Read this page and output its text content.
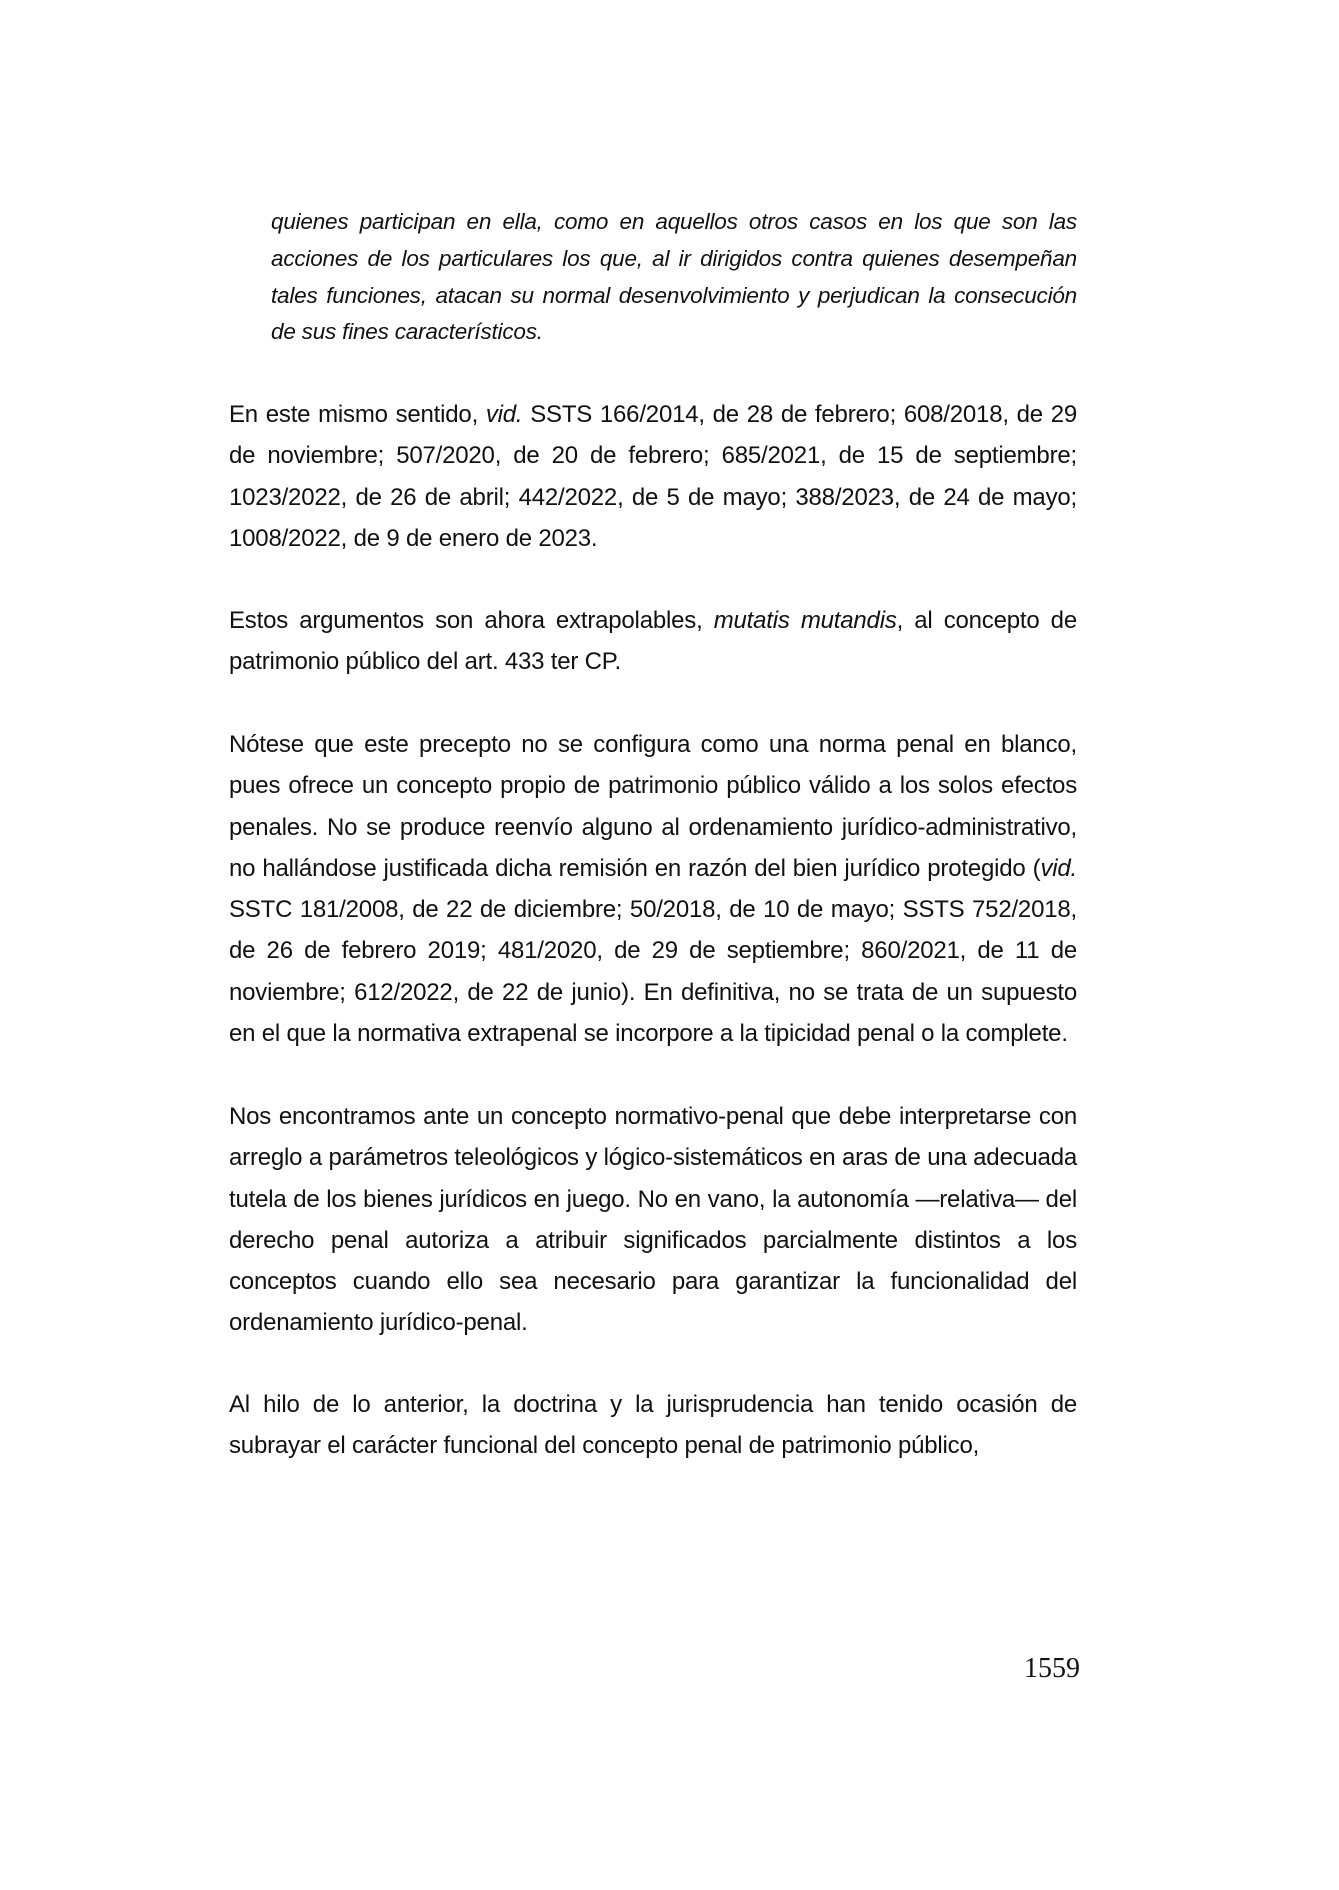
quienes participan en ella, como en aquellos otros casos en los que son las acciones de los particulares los que, al ir dirigidos contra quienes desempeñan tales funciones, atacan su normal desenvolvimiento y perjudican la consecución de sus fines característicos.
En este mismo sentido, vid. SSTS 166/2014, de 28 de febrero; 608/2018, de 29 de noviembre; 507/2020, de 20 de febrero; 685/2021, de 15 de septiembre; 1023/2022, de 26 de abril; 442/2022, de 5 de mayo; 388/2023, de 24 de mayo; 1008/2022, de 9 de enero de 2023.
Estos argumentos son ahora extrapolables, mutatis mutandis, al concepto de patrimonio público del art. 433 ter CP.
Nótese que este precepto no se configura como una norma penal en blanco, pues ofrece un concepto propio de patrimonio público válido a los solos efectos penales. No se produce reenvío alguno al ordenamiento jurídico-administrativo, no hallándose justificada dicha remisión en razón del bien jurídico protegido (vid. SSTC 181/2008, de 22 de diciembre; 50/2018, de 10 de mayo; SSTS 752/2018, de 26 de febrero 2019; 481/2020, de 29 de septiembre; 860/2021, de 11 de noviembre; 612/2022, de 22 de junio). En definitiva, no se trata de un supuesto en el que la normativa extrapenal se incorpore a la tipicidad penal o la complete.
Nos encontramos ante un concepto normativo-penal que debe interpretarse con arreglo a parámetros teleológicos y lógico-sistemáticos en aras de una adecuada tutela de los bienes jurídicos en juego. No en vano, la autonomía —relativa— del derecho penal autoriza a atribuir significados parcialmente distintos a los conceptos cuando ello sea necesario para garantizar la funcionalidad del ordenamiento jurídico-penal.
Al hilo de lo anterior, la doctrina y la jurisprudencia han tenido ocasión de subrayar el carácter funcional del concepto penal de patrimonio público,
1559
